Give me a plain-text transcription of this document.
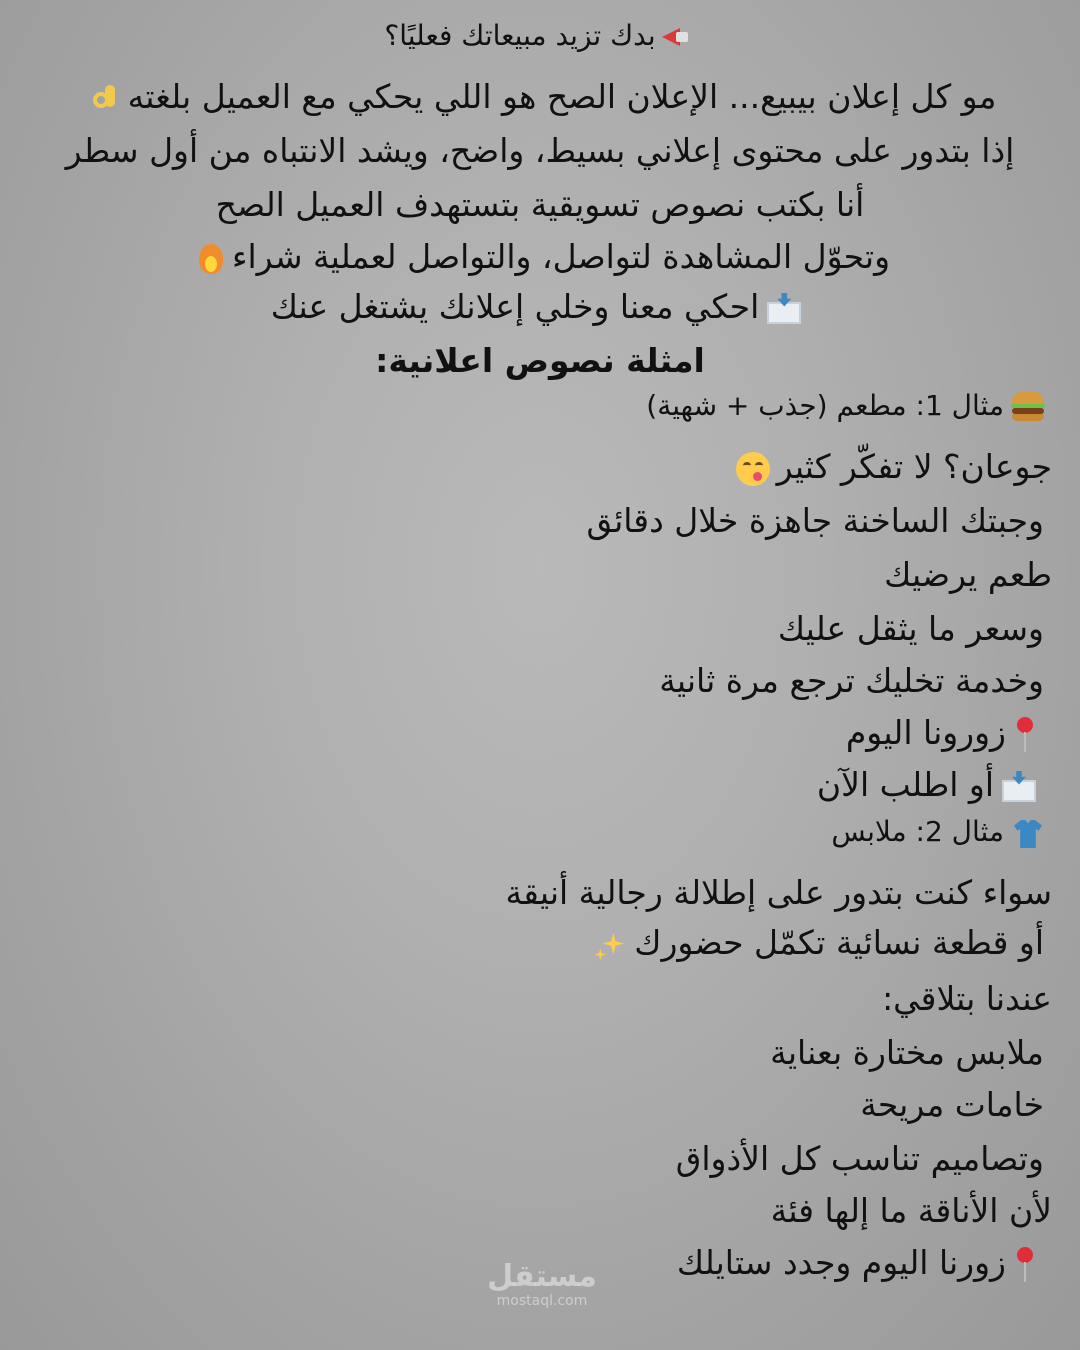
بدك تزيد مبيعاتك فعليًا؟
مو كل إعلان بيبيع... الإعلان الصح هو اللي يحكي مع العميل بلغته
إذا بتدور على محتوى إعلاني بسيط، واضح، ويشد الانتباه من أول سطر
أنا بكتب نصوص تسويقية بتستهدف العميل الصح
وتحوّل المشاهدة لتواصل، والتواصل لعملية شراء
احكي معنا وخلي إعلانك يشتغل عنك
امثلة نصوص اعلانية:
مثال 1: مطعم (جذب + شهية)
جوعان؟ لا تفكّر كثير
وجبتك الساخنة جاهزة خلال دقائق
طعم يرضيك
وسعر ما يثقل عليك
وخدمة تخليك ترجع مرة ثانية
زورونا اليوم
أو اطلب الآن
مثال 2: ملابس
سواء كنت بتدور على إطلالة رجالية أنيقة
أو قطعة نسائية تكمّل حضورك
عندنا بتلاقي:
ملابس مختارة بعناية
خامات مريحة
وتصاميم تناسب كل الأذواق
لأن الأناقة ما إلها فئة
زورنا اليوم وجدد ستايلك
مستقل
mostaql.com
